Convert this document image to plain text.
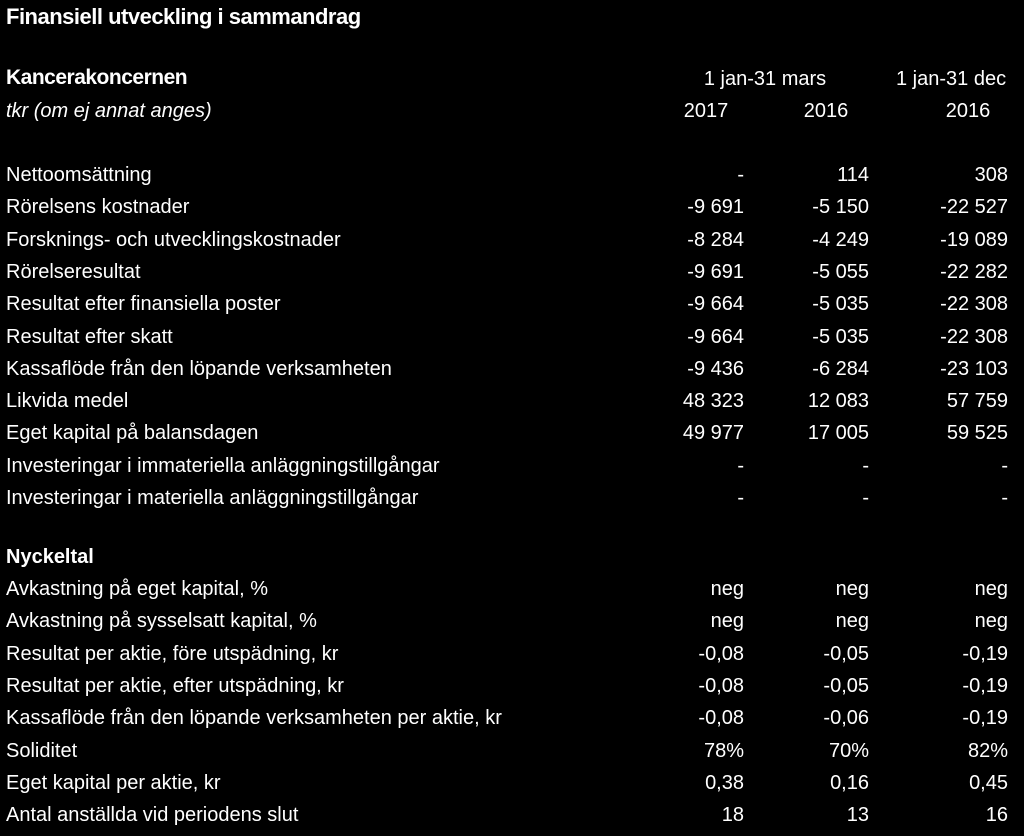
Finansiell utveckling i sammandrag
Kancerakoncernen
tkr (om ej annat anges)
1 jan-31 mars	1 jan-31 dec
2017	2016	2016
Nettoomsättning	-	114	308
Rörelsens kostnader	-9 691	-5 150	-22 527
Forsknings- och utvecklingskostnader	-8 284	-4 249	-19 089
Rörelseresultat	-9 691	-5 055	-22 282
Resultat efter finansiella poster	-9 664	-5 035	-22 308
Resultat efter skatt	-9 664	-5 035	-22 308
Kassaflöde från den löpande verksamheten	-9 436	-6 284	-23 103
Likvida medel	48 323	12 083	57 759
Eget kapital på balansdagen	49 977	17 005	59 525
Investeringar i immateriella anläggningstillgångar	-	-	-
Investeringar i materiella anläggningstillgångar	-	-	-
Nyckeltal
Avkastning på eget kapital, %	neg	neg	neg
Avkastning på sysselsatt kapital, %	neg	neg	neg
Resultat per aktie, före utspädning, kr	-0,08	-0,05	-0,19
Resultat per aktie, efter utspädning, kr	-0,08	-0,05	-0,19
Kassaflöde från den löpande verksamheten per aktie, kr	-0,08	-0,06	-0,19
Soliditet	78%	70%	82%
Eget kapital per aktie, kr	0,38	0,16	0,45
Antal anställda vid periodens slut	18	13	16
